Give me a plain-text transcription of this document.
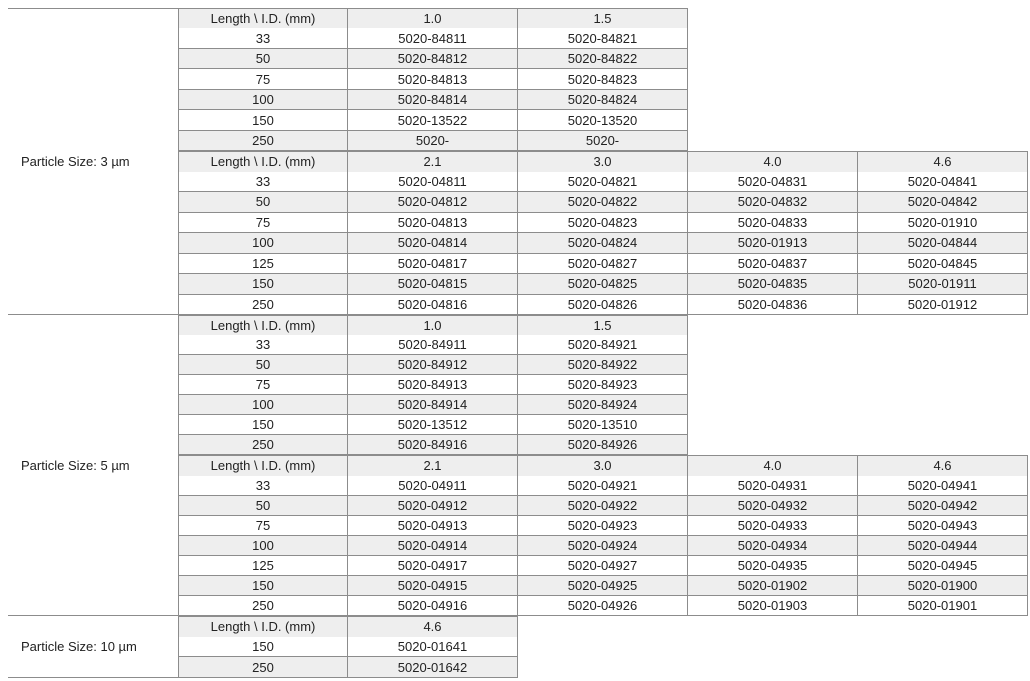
Particle Size: 3 µm
Length \ I.D. (mm)	1.0	1.5
33	5020-84811	5020-84821
50	5020-84812	5020-84822
75	5020-84813	5020-84823
100	5020-84814	5020-84824
150	5020-13522	5020-13520
250	5020-	5020-
Length \ I.D. (mm)	2.1	3.0	4.0	4.6
33	5020-04811	5020-04821	5020-04831	5020-04841
50	5020-04812	5020-04822	5020-04832	5020-04842
75	5020-04813	5020-04823	5020-04833	5020-01910
100	5020-04814	5020-04824	5020-01913	5020-04844
125	5020-04817	5020-04827	5020-04837	5020-04845
150	5020-04815	5020-04825	5020-04835	5020-01911
250	5020-04816	5020-04826	5020-04836	5020-01912
Particle Size: 5 µm
Length \ I.D. (mm)	1.0	1.5
33	5020-84911	5020-84921
50	5020-84912	5020-84922
75	5020-84913	5020-84923
100	5020-84914	5020-84924
150	5020-13512	5020-13510
250	5020-84916	5020-84926
Length \ I.D. (mm)	2.1	3.0	4.0	4.6
33	5020-04911	5020-04921	5020-04931	5020-04941
50	5020-04912	5020-04922	5020-04932	5020-04942
75	5020-04913	5020-04923	5020-04933	5020-04943
100	5020-04914	5020-04924	5020-04934	5020-04944
125	5020-04917	5020-04927	5020-04935	5020-04945
150	5020-04915	5020-04925	5020-01902	5020-01900
250	5020-04916	5020-04926	5020-01903	5020-01901
Particle Size: 10 µm
Length \ I.D. (mm)	4.6
150	5020-01641
250	5020-01642
